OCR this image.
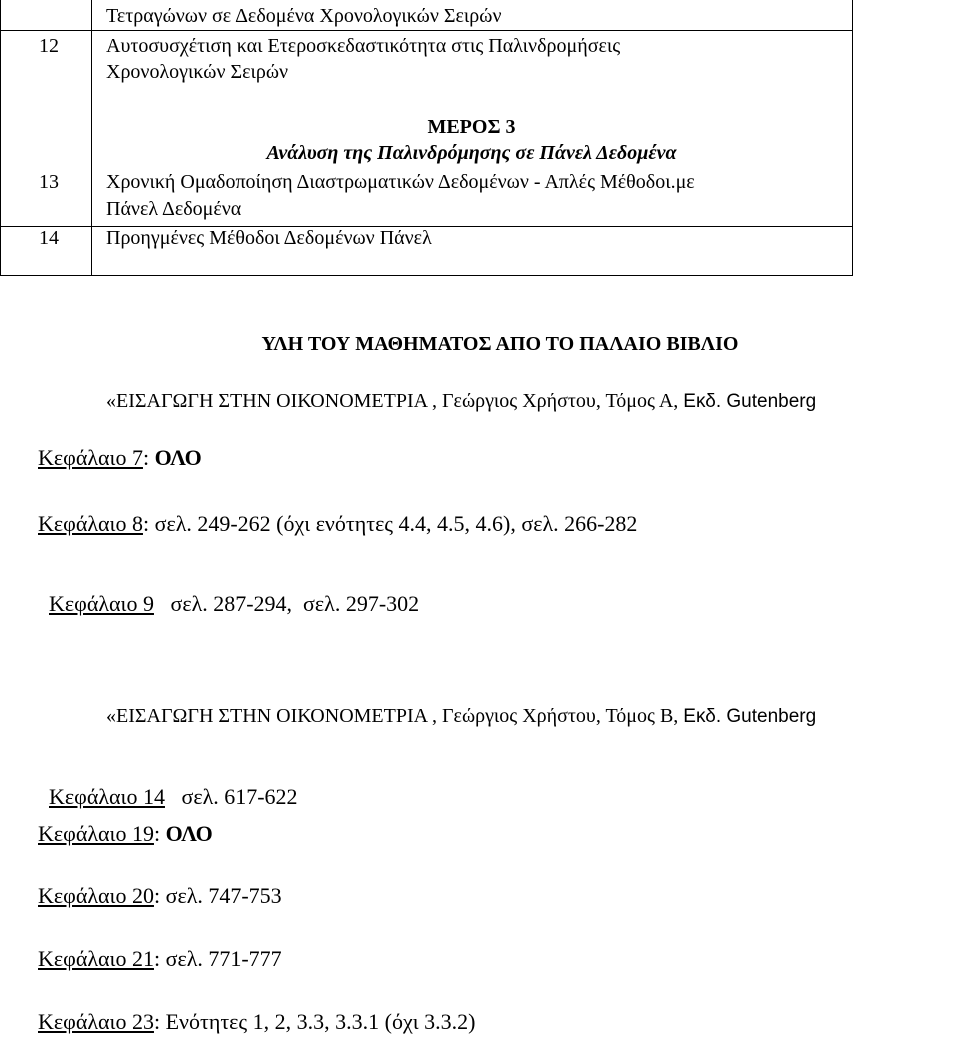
Τετραγώνων σε Δεδομένα Χρονολογικών Σειρών
12 Αυτοσυσχέτιση και Ετεροσκεδαστικότητα στις Παλινδρομήσεις
Χρονολογικών Σειρών
ΜΕΡΟΣ 3
Ανάλυση της Παλινδρόμησης σε Πάνελ Δεδομένα
13 Χρονική Ομαδοποίηση Διαστρωματικών Δεδομένων - Απλές Μέθοδοι.με
Πάνελ Δεδομένα
14 Προηγμένες Μέθοδοι Δεδομένων Πάνελ
ΥΛΗ ΤΟΥ ΜΑΘΗΜΑΤΟΣ ΑΠΟ ΤΟ ΠΑΛΑΙΟ ΒΙΒΛΙΟ
«ΕΙΣΑΓΩΓΗ ΣΤΗΝ ΟΙΚΟΝΟΜΕΤΡΙΑ , Γεώργιος Χρήστου, Τόμος Α, Εκδ. Gutenberg
Κεφάλαιο 7: ΟΛΟ
Κεφάλαιο 8: σελ. 249-262 (όχι ενότητες 4.4, 4.5, 4.6), σελ. 266-282

Κεφάλαιο 9 σελ. 287-294,  σελ. 297-302

«ΕΙΣΑΓΩΓΗ ΣΤΗΝ ΟΙΚΟΝΟΜΕΤΡΙΑ , Γεώργιος Χρήστου, Τόμος Β, Εκδ. Gutenberg

Κεφάλαιο 14 σελ. 617-622

Κεφάλαιο 19: ΟΛΟ
Κεφάλαιο 20: σελ. 747-753
Κεφάλαιο 21: σελ. 771-777
Κεφάλαιο 23: Ενότητες 1, 2, 3.3, 3.3.1 (όχι 3.3.2)
